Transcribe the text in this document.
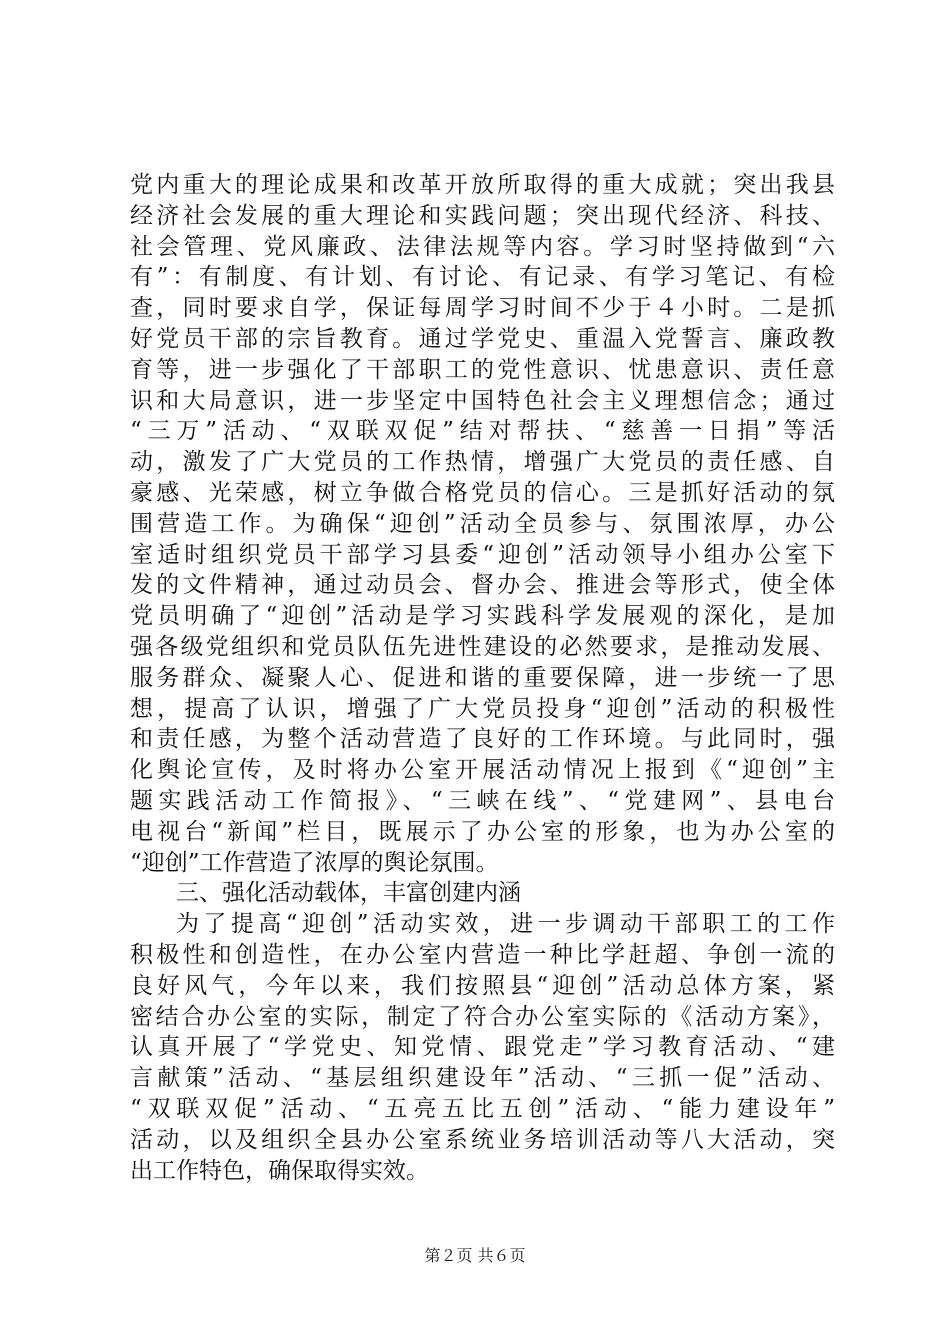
党内重大的理论成果和改革开放所取得的重大成就；突出我县
经济社会发展的重大理论和实践问题；突出现代经济、科技、
社会管理、党风廉政、法律法规等内容。学习时坚持做到“六
有”：有制度、有计划、有讨论、有记录、有学习笔记、有检
查，同时要求自学，保证每周学习时间不少于４小时。二是抓
好党员干部的宗旨教育。通过学党史、重温入党誓言、廉政教
育等，进一步强化了干部职工的党性意识、忧患意识、责任意
识和大局意识，进一步坚定中国特色社会主义理想信念；通过
“三万”活动、“双联双促”结对帮扶、“慈善一日捐”等活
动，激发了广大党员的工作热情，增强广大党员的责任感、自
豪感、光荣感，树立争做合格党员的信心。三是抓好活动的氛
围营造工作。为确保“迎创”活动全员参与、氛围浓厚，办公
室适时组织党员干部学习县委“迎创”活动领导小组办公室下
发的文件精神，通过动员会、督办会、推进会等形式，使全体
党员明确了“迎创”活动是学习实践科学发展观的深化，是加
强各级党组织和党员队伍先进性建设的必然要求，是推动发展、
服务群众、凝聚人心、促进和谐的重要保障，进一步统一了思
想，提高了认识，增强了广大党员投身“迎创”活动的积极性
和责任感，为整个活动营造了良好的工作环境。与此同时，强
化舆论宣传，及时将办公室开展活动情况上报到《“迎创”主
题实践活动工作简报》、“三峡在线”、“党建网”、县电台
电视台“新闻”栏目，既展示了办公室的形象，也为办公室的
“迎创”工作营造了浓厚的舆论氛围。
三、强化活动载体，丰富创建内涵
为了提高“迎创”活动实效，进一步调动干部职工的工作
积极性和创造性，在办公室内营造一种比学赶超、争创一流的
良好风气，今年以来，我们按照县“迎创”活动总体方案，紧
密结合办公室的实际，制定了符合办公室实际的《活动方案》，
认真开展了“学党史、知党情、跟党走”学习教育活动、“建
言献策”活动、“基层组织建设年”活动、“三抓一促”活动、
“双联双促”活动、“五亮五比五创”活动、“能力建设年”
活动，以及组织全县办公室系统业务培训活动等八大活动，突
出工作特色，确保取得实效。
第２页 共６页
